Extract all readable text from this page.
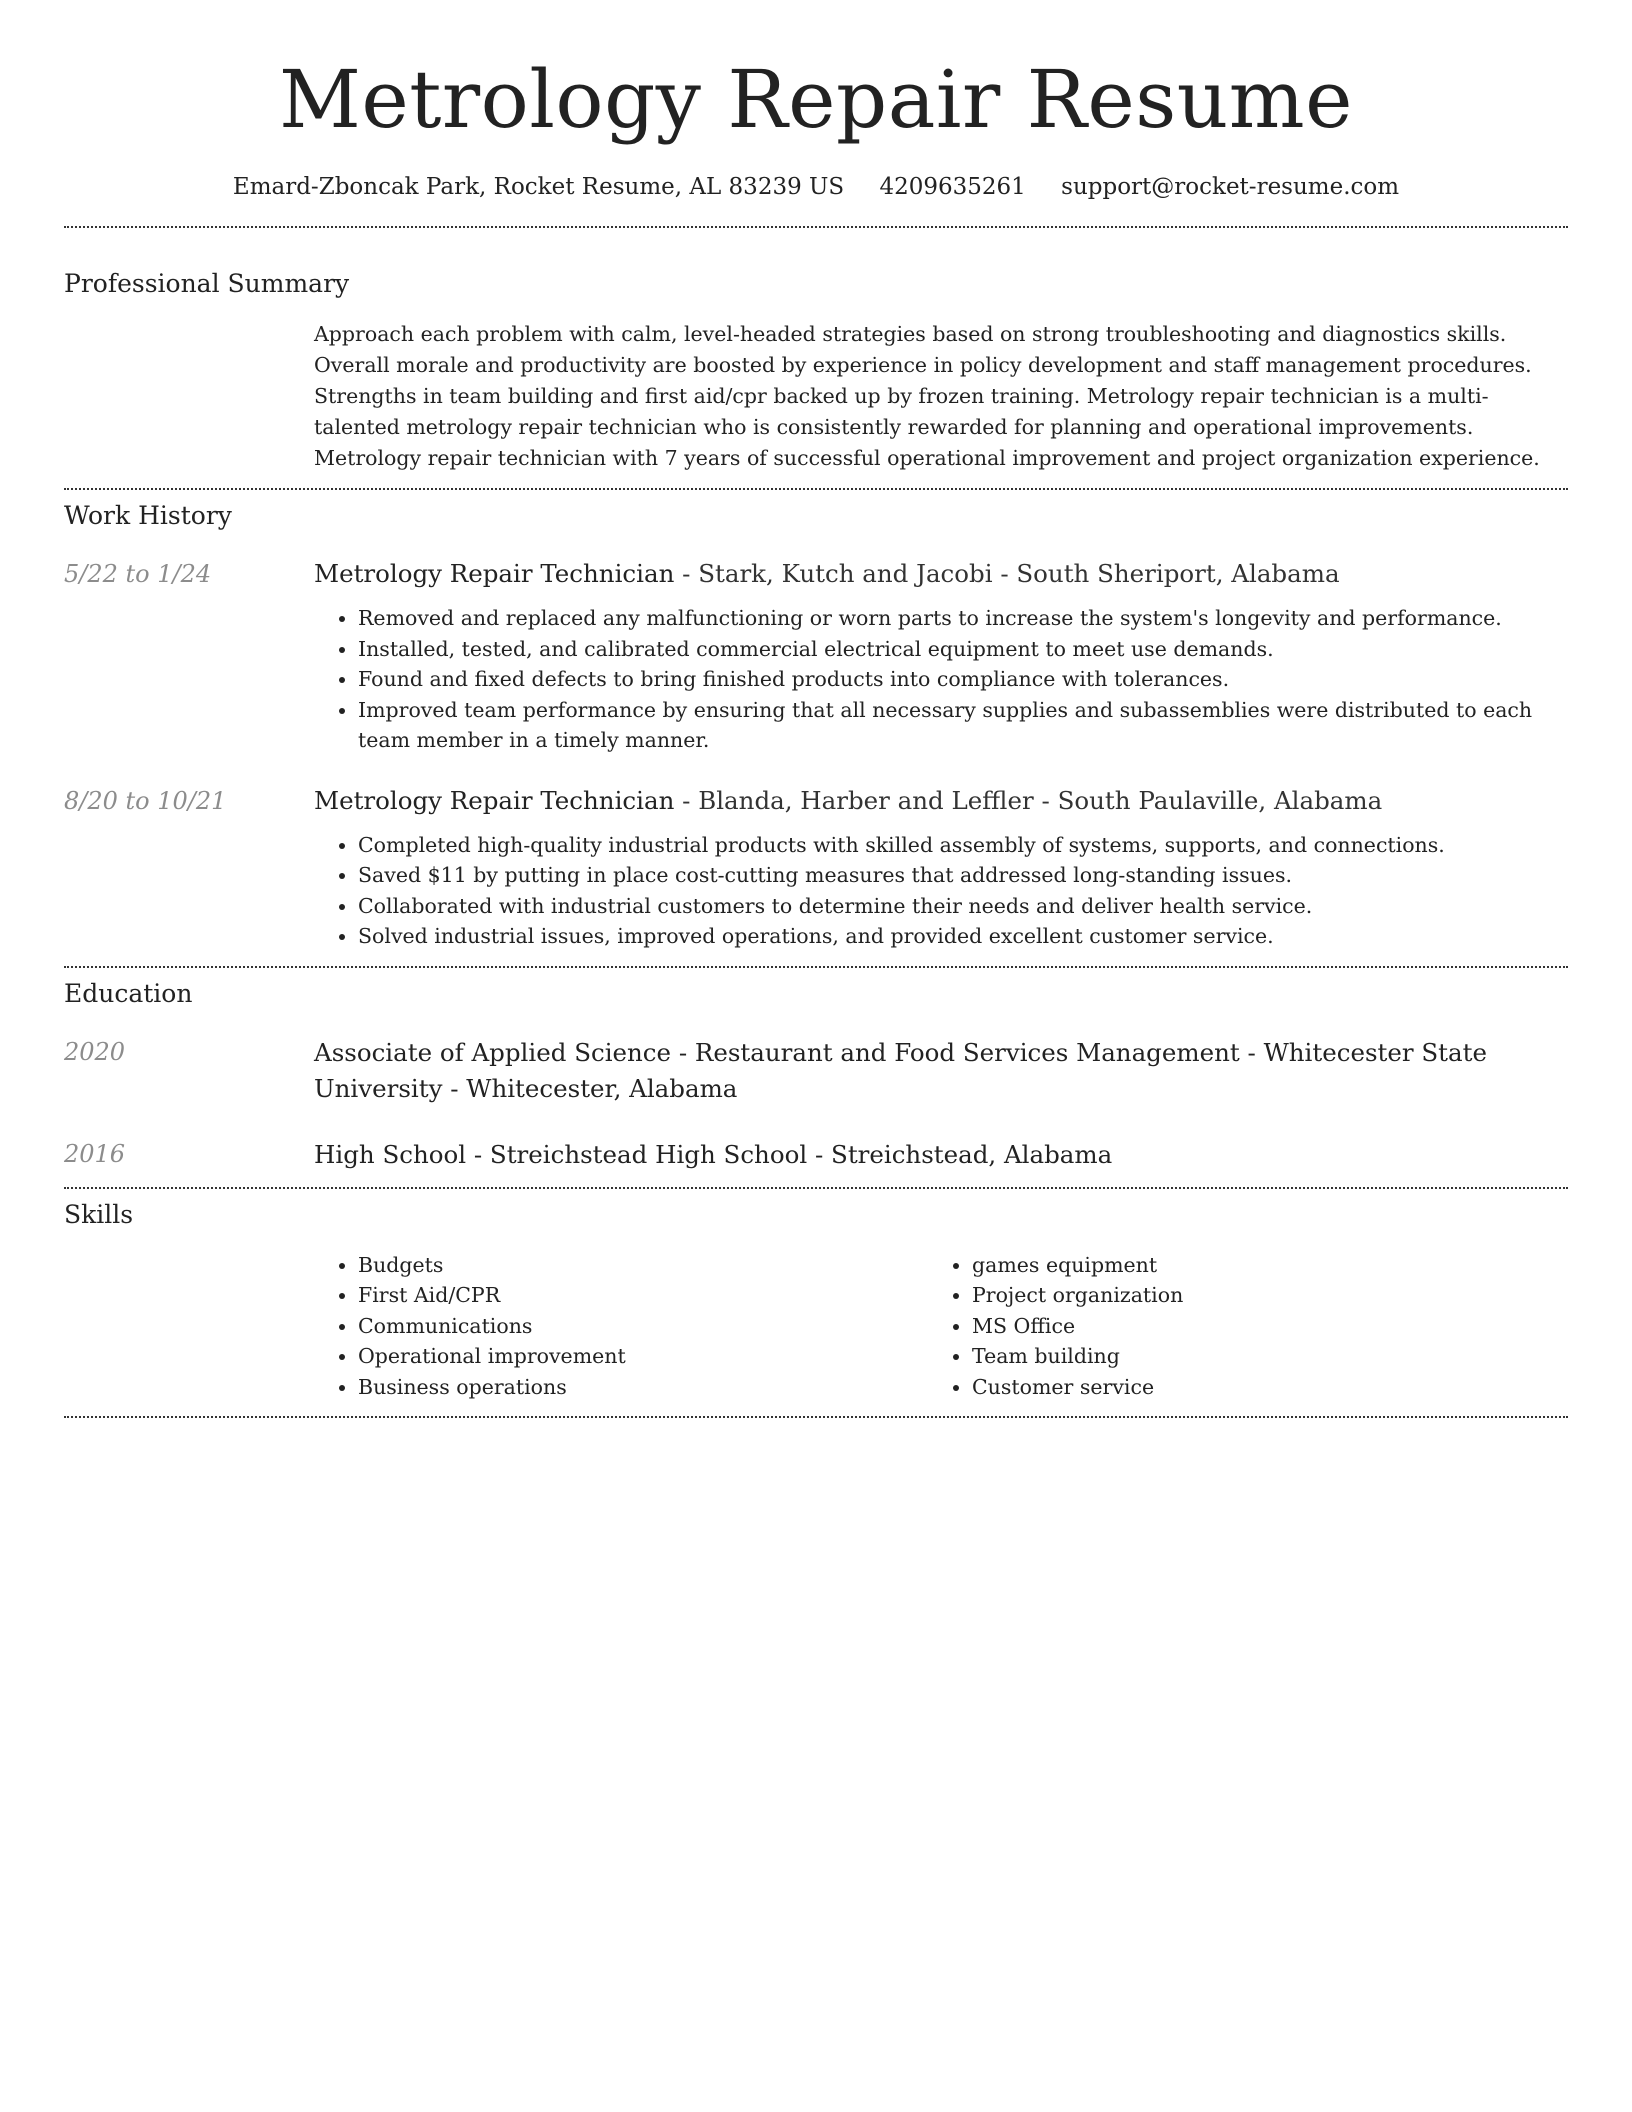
Metrology Repair Resume
Emard-Zboncak Park, Rocket Resume, AL 83239 US 4209635261 support@rocket-resume.com
Professional Summary

Approach each problem with calm, level-headed strategies based on strong troubleshooting and diagnostics skills. Overall morale and productivity are boosted by experience in policy development and staff management procedures. Strengths in team building and first aid/cpr backed up by frozen training. Metrology repair technician is a multi-talented metrology repair technician who is consistently rewarded for planning and operational improvements. Metrology repair technician with 7 years of successful operational improvement and project organization experience.

Work History
5/22 to 1/24	Metrology Repair Technician - Stark, Kutch and Jacobi - South Sheriport, Alabama

• Removed and replaced any malfunctioning or worn parts to increase the system's longevity and performance.
• Installed, tested, and calibrated commercial electrical equipment to meet use demands.
• Found and fixed defects to bring finished products into compliance with tolerances.
• Improved team performance by ensuring that all necessary supplies and subassemblies were distributed to each team member in a timely manner.
8/20 to 10/21	Metrology Repair Technician - Blanda, Harber and Leffler - South Paulaville, Alabama

• Completed high-quality industrial products with skilled assembly of systems, supports, and connections.
• Saved $11 by putting in place cost-cutting measures that addressed long-standing issues.
• Collaborated with industrial customers to determine their needs and deliver health service.
• Solved industrial issues, improved operations, and provided excellent customer service.
Education
2020	Associate of Applied Science - Restaurant and Food Services Management - Whitecester State University - Whitecester, Alabama

2016	High School - Streichstead High School - Streichstead, Alabama

Skills
• Budgets
• First Aid/CPR
• Communications
• Operational improvement
• Business operations
• games equipment
• Project organization
• MS Office
• Team building
• Customer service
